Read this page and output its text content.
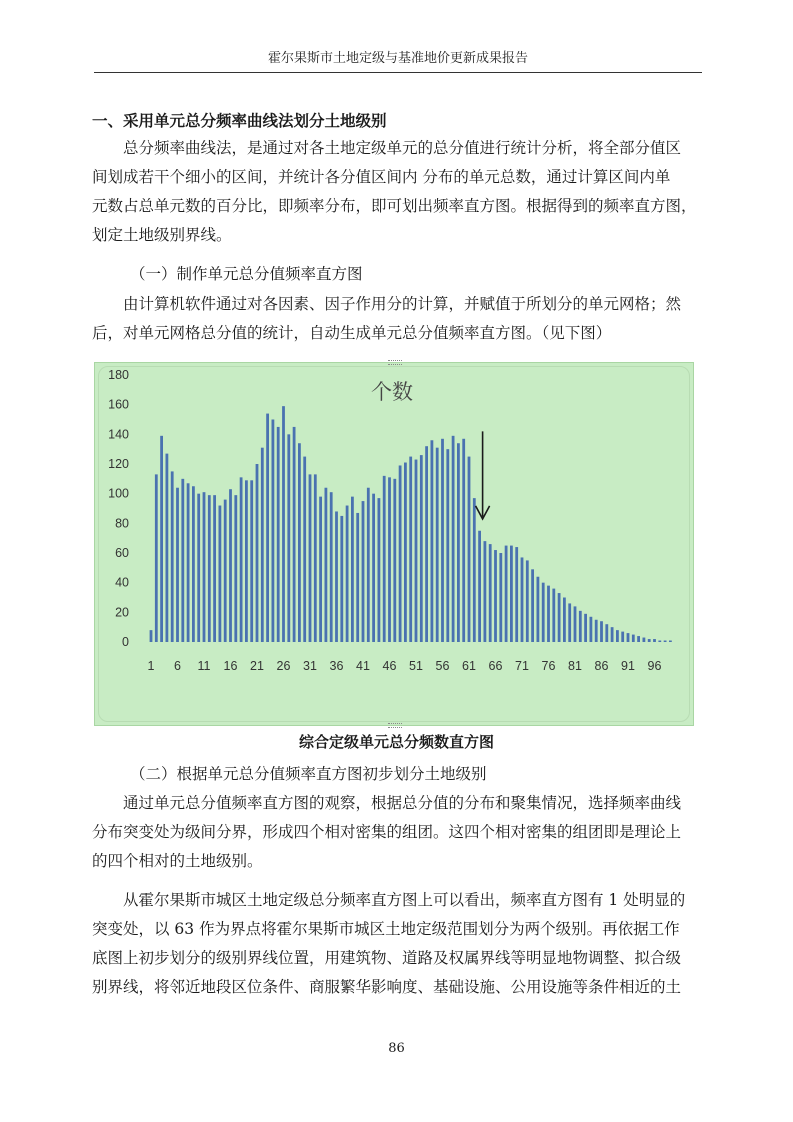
霍尔果斯市土地定级与基准地价更新成果报告
一、采用单元总分频率曲线法划分土地级别
总分频率曲线法，是通过对各土地定级单元的总分值进行统计分析，将全部分值区
间划成若干个细小的区间，并统计各分值区间内 分布的单元总数，通过计算区间内单
元数占总单元数的百分比，即频率分布，即可划出频率直方图。根据得到的频率直方图，
划定土地级别界线。
（一）制作单元总分值频率直方图
由计算机软件通过对各因素、因子作用分的计算，并赋值于所划分的单元网格；然
后，对单元网格总分值的统计，自动生成单元总分值频率直方图。（见下图）
0
20
40
60
80
100
120
140
160
180
1 6 11 16 21 26 31 36 41 46 51 56 61 66 71 76 81 86 91 96
个数
综合定级单元总分频数直方图
（二）根据单元总分值频率直方图初步划分土地级别
通过单元总分值频率直方图的观察，根据总分值的分布和聚集情况，选择频率曲线
分布突变处为级间分界，形成四个相对密集的组团。这四个相对密集的组团即是理论上
的四个相对的土地级别。
从霍尔果斯市城区土地定级总分频率直方图上可以看出，频率直方图有 1 处明显的
突变处，以 63 作为界点将霍尔果斯市城区土地定级范围划分为两个级别。再依据工作
底图上初步划分的级别界线位置，用建筑物、道路及权属界线等明显地物调整、拟合级
别界线，将邻近地段区位条件、商服繁华影响度、基础设施、公用设施等条件相近的土
86
